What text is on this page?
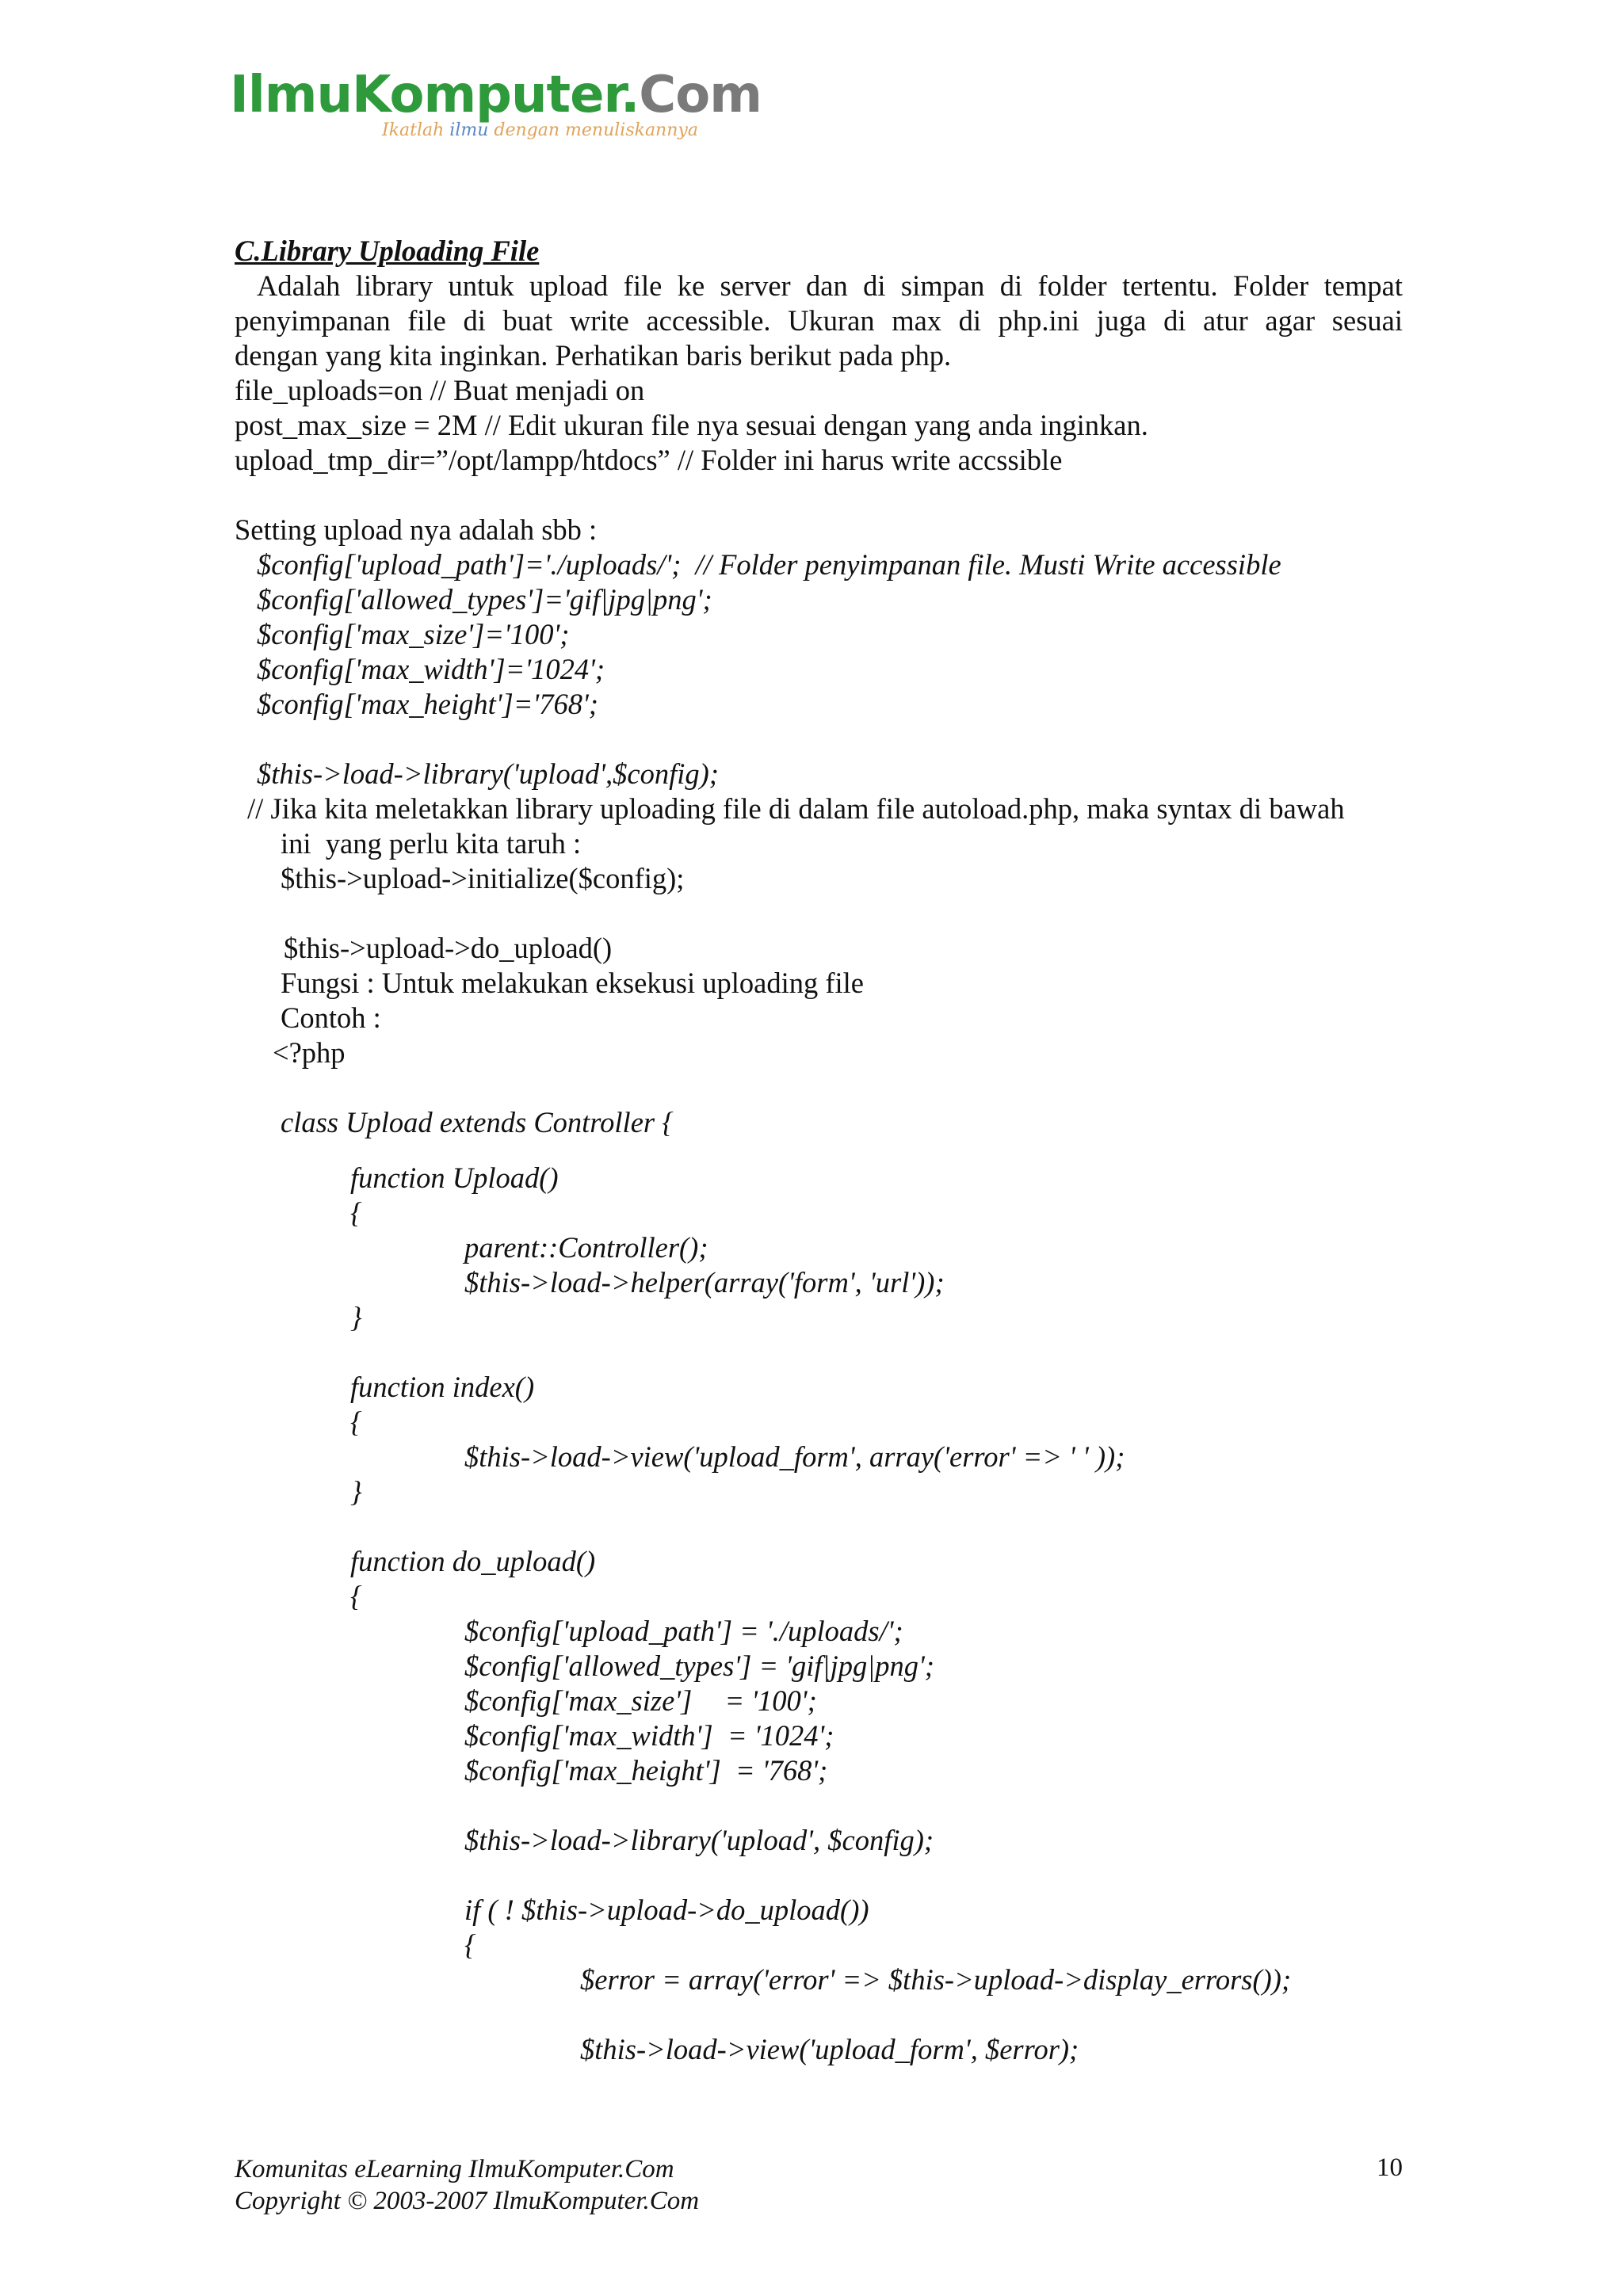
IlmuKomputer.Com
Ikatlah ilmu dengan menuliskannya
C.Library Uploading File
Adalah library untuk upload file ke server dan di simpan di folder tertentu. Folder tempat
penyimpanan file di buat write accessible. Ukuran max di php.ini juga di atur agar sesuai
dengan yang kita inginkan. Perhatikan baris berikut pada php.
file_uploads=on // Buat menjadi on
post_max_size = 2M // Edit ukuran file nya sesuai dengan yang anda inginkan.
upload_tmp_dir=”/opt/lampp/htdocs” // Folder ini harus write accssible
Setting upload nya adalah sbb :
$config['upload_path']='./uploads/';  // Folder penyimpanan file. Musti Write accessible
$config['allowed_types']='gif|jpg|png';
$config['max_size']='100';
$config['max_width']='1024';
$config['max_height']='768';
$this->load->library('upload',$config);
// Jika kita meletakkan library uploading file di dalam file autoload.php, maka syntax di bawah
ini  yang perlu kita taruh :
$this->upload->initialize($config);
$this->upload->do_upload()
Fungsi : Untuk melakukan eksekusi uploading file
Contoh :
<?php
class Upload extends Controller {
function Upload()
{
parent::Controller();
$this->load->helper(array('form', 'url'));
}
function index()
{
$this->load->view('upload_form', array('error' => ' ' ));
}
function do_upload()
{
$config['upload_path'] = './uploads/';
$config['allowed_types'] = 'gif|jpg|png';
$config['max_size']		= '100';
$config['max_width']  = '1024';
$config['max_height']  = '768';
$this->load->library('upload', $config);
if ( ! $this->upload->do_upload())
{
$error = array('error' => $this->upload->display_errors());
$this->load->view('upload_form', $error);
Komunitas eLearning IlmuKomputer.Com
Copyright © 2003-2007 IlmuKomputer.Com
10
